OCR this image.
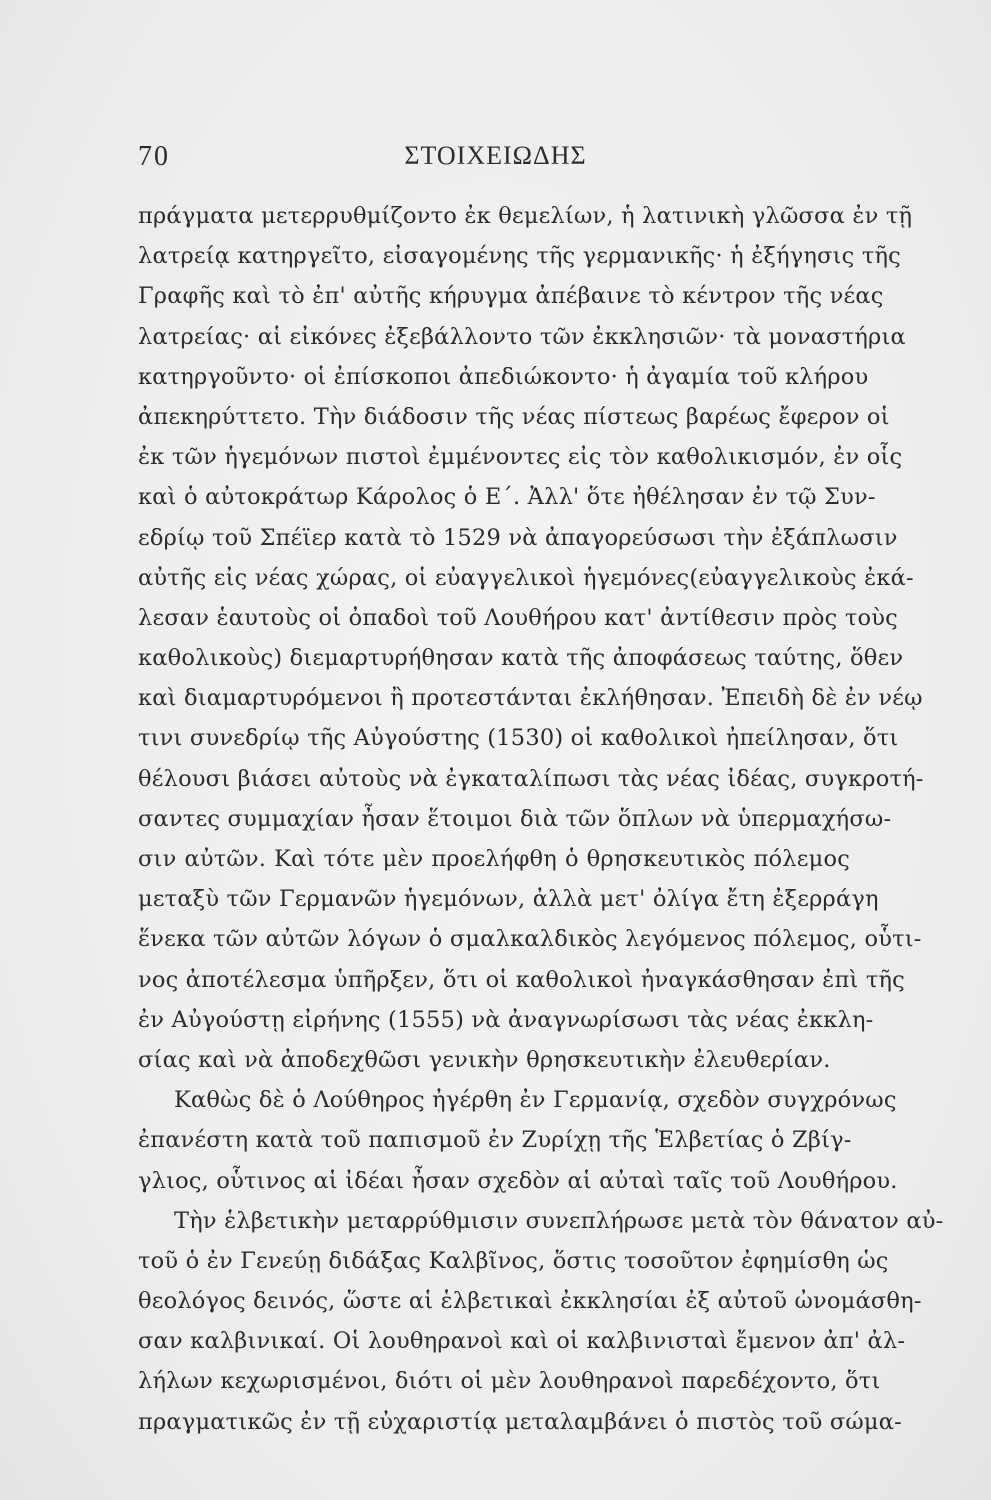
70	ΣΤΟΙΧΕΙΩΔΗΣ
πράγματα μετερρυθμίζοντο ἐκ θεμελίων, ἡ λατινικὴ γλῶσσα ἐν τῇ
λατρείᾳ κατηργεῖτο, εἰσαγομένης τῆς γερμανικῆς· ἡ ἐξήγησις τῆς
Γραφῆς καὶ τὸ ἐπ' αὐτῆς κήρυγμα ἀπέβαινε τὸ κέντρον τῆς νέας
λατρείας· αἱ εἰκόνες ἐξεβάλλοντο τῶν ἐκκλησιῶν· τὰ μοναστήρια
κατηργοῦντο· οἱ ἐπίσκοποι ἀπεδιώκοντο· ἡ ἀγαμία τοῦ κλήρου
ἀπεκηρύττετο. Τὴν διάδοσιν τῆς νέας πίστεως βαρέως ἔφερον οἱ
ἐκ τῶν ἡγεμόνων πιστοὶ ἐμμένοντες εἰς τὸν καθολικισμόν, ἐν οἷς
καὶ ὁ αὐτοκράτωρ Κάρολος ὁ Ε΄. Ἀλλ' ὅτε ἠθέλησαν ἐν τῷ Συν-
εδρίῳ τοῦ Σπέϊερ κατὰ τὸ 1529 νὰ ἀπαγορεύσωσι τὴν ἐξάπλωσιν
αὐτῆς εἰς νέας χώρας, οἱ εὐαγγελικοὶ ἡγεμόνες(εὐαγγελικοὺς ἐκά-
λεσαν ἑαυτοὺς οἱ ὀπαδοὶ τοῦ Λουθήρου κατ' ἀντίθεσιν πρὸς τοὺς
καθολικοὺς) διεμαρτυρήθησαν κατὰ τῆς ἀποφάσεως ταύτης, ὅθεν
καὶ διαμαρτυρόμενοι ἢ προτεστάνται ἐκλήθησαν. Ἐπειδὴ δὲ ἐν νέῳ
τινι συνεδρίῳ τῆς Αὐγούστης (1530) οἱ καθολικοὶ ἠπείλησαν, ὅτι
θέλουσι βιάσει αὐτοὺς νὰ ἐγκαταλίπωσι τὰς νέας ἰδέας, συγκροτή-
σαντες συμμαχίαν ἦσαν ἕτοιμοι διὰ τῶν ὅπλων νὰ ὑπερμαχήσω-
σιν αὐτῶν. Καὶ τότε μὲν προελήφθη ὁ θρησκευτικὸς πόλεμος
μεταξὺ τῶν Γερμανῶν ἡγεμόνων, ἀλλὰ μετ' ὀλίγα ἔτη ἐξερράγη
ἕνεκα τῶν αὐτῶν λόγων ὁ σμαλκαλδικὸς λεγόμενος πόλεμος, οὗτι-
νος ἀποτέλεσμα ὑπῆρξεν, ὅτι οἱ καθολικοὶ ἠναγκάσθησαν ἐπὶ τῆς
ἐν Αὐγούστῃ εἰρήνης (1555) νὰ ἀναγνωρίσωσι τὰς νέας ἐκκλη-
σίας καὶ νὰ ἀποδεχθῶσι γενικὴν θρησκευτικὴν ἐλευθερίαν.
Καθὼς δὲ ὁ Λούθηρος ἠγέρθη ἐν Γερμανίᾳ, σχεδὸν συγχρόνως
ἐπανέστη κατὰ τοῦ παπισμοῦ ἐν Ζυρίχῃ τῆς Ἑλβετίας ὁ Ζβίγ-
γλιος, οὗτινος αἱ ἰδέαι ἦσαν σχεδὸν αἱ αὐταὶ ταῖς τοῦ Λουθήρου.
Τὴν ἑλβετικὴν μεταρρύθμισιν συνεπλήρωσε μετὰ τὸν θάνατον αὐ-
τοῦ ὁ ἐν Γενεύῃ διδάξας Καλβῖνος, ὅστις τοσοῦτον ἐφημίσθη ὡς
θεολόγος δεινός, ὥστε αἱ ἑλβετικαὶ ἐκκλησίαι ἐξ αὐτοῦ ὠνομάσθη-
σαν καλβινικαί. Οἱ λουθηρανοὶ καὶ οἱ καλβινισταὶ ἔμενον ἀπ' ἀλ-
λήλων κεχωρισμένοι, διότι οἱ μὲν λουθηρανοὶ παρεδέχοντο, ὅτι
πραγματικῶς ἐν τῇ εὐχαριστίᾳ μεταλαμβάνει ὁ πιστὸς τοῦ σώμα-
